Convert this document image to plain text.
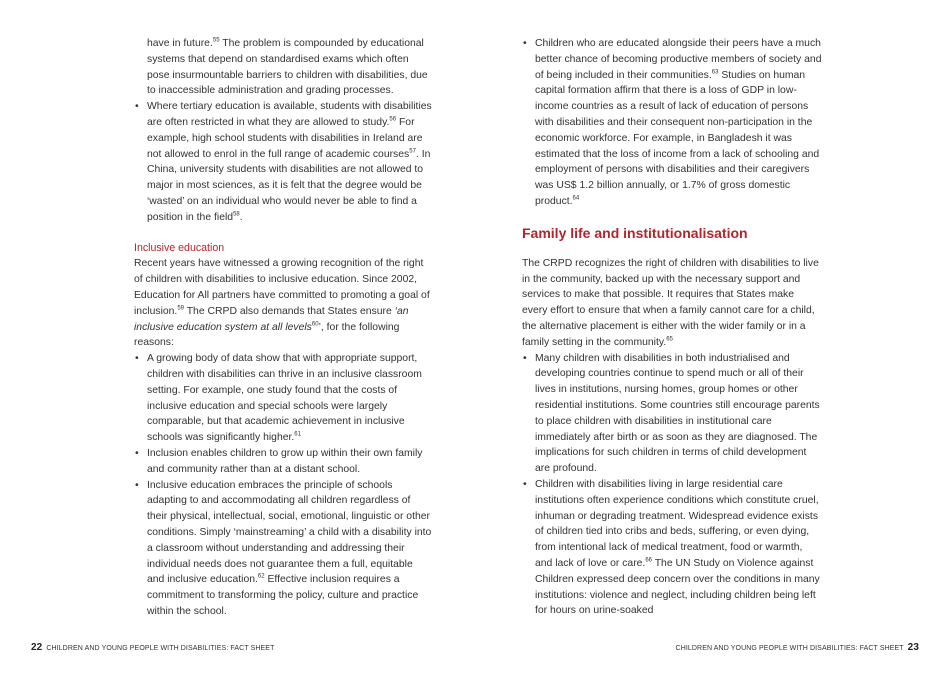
have in future.$^{55}$ The problem is compounded by educational systems that depend on standardised exams which often pose insurmountable barriers to children with disabilities, due to inaccessible administration and grading processes.

• Where tertiary education is available, students with disabilities are often restricted in what they are allowed to study.$^{56}$ For example, high school students with disabilities in Ireland are not allowed to enrol in the full range of academic courses$^{57}$. In China, university students with disabilities are not allowed to major in most sciences, as it is felt that the degree would be ‘wasted’ on an individual who would never be able to find a position in the field$^{58}$.

Inclusive education

Recent years have witnessed a growing recognition of the right of children with disabilities to inclusive education. Since 2002, Education for All partners have committed to promoting a goal of inclusion.$^{59}$ The CRPD also demands that States ensure ‘an inclusive education system at all levels$^{60}$’, for the following reasons:

• A growing body of data show that with appropriate support, children with disabilities can thrive in an inclusive classroom setting. For example, one study found that the costs of inclusive education and special schools were largely comparable, but that academic achievement in inclusive schools was significantly higher.$^{61}$
• Inclusion enables children to grow up within their own family and community rather than at a distant school.
• Inclusive education embraces the principle of schools adapting to and accommodating all children regardless of their physical, intellectual, social, emotional, linguistic or other conditions. Simply ‘mainstreaming’ a child with a disability into a classroom without understanding and addressing their individual needs does not guarantee them a full, equitable and inclusive education.$^{62}$ Effective inclusion requires a commitment to transforming the policy, culture and practice within the school.
22 CHILDREN AND YOUNG PEOPLE WITH DISABILITIES: FACT SHEET
• Children who are educated alongside their peers have a much better chance of becoming productive members of society and of being included in their communities.$^{63}$ Studies on human capital formation affirm that there is a loss of GDP in low-income countries as a result of lack of education of persons with disabilities and their consequent non-participation in the economic workforce. For example, in Bangladesh it was estimated that the loss of income from a lack of schooling and employment of persons with disabilities and their caregivers was US$ 1.2 billion annually, or 1.7% of gross domestic product.$^{64}$
Family life and institutionalisation

The CRPD recognizes the right of children with disabilities to live in the community, backed up with the necessary support and services to make that possible. It requires that States make every effort to ensure that when a family cannot care for a child, the alternative placement is either with the wider family or in a family setting in the community.$^{65}$

• Many children with disabilities in both industrialised and developing countries continue to spend much or all of their lives in institutions, nursing homes, group homes or other residential institutions. Some countries still encourage parents to place children with disabilities in institutional care immediately after birth or as soon as they are diagnosed. The implications for such children in terms of child development are profound.
• Children with disabilities living in large residential care institutions often experience conditions which constitute cruel, inhuman or degrading treatment. Widespread evidence exists of children tied into cribs and beds, suffering, or even dying, from intentional lack of medical treatment, food or warmth, and lack of love or care.$^{66}$ The UN Study on Violence against Children expressed deep concern over the conditions in many institutions: violence and neglect, including children being left for hours on urine-soaked
CHILDREN AND YOUNG PEOPLE WITH DISABILITIES: FACT SHEET 23
